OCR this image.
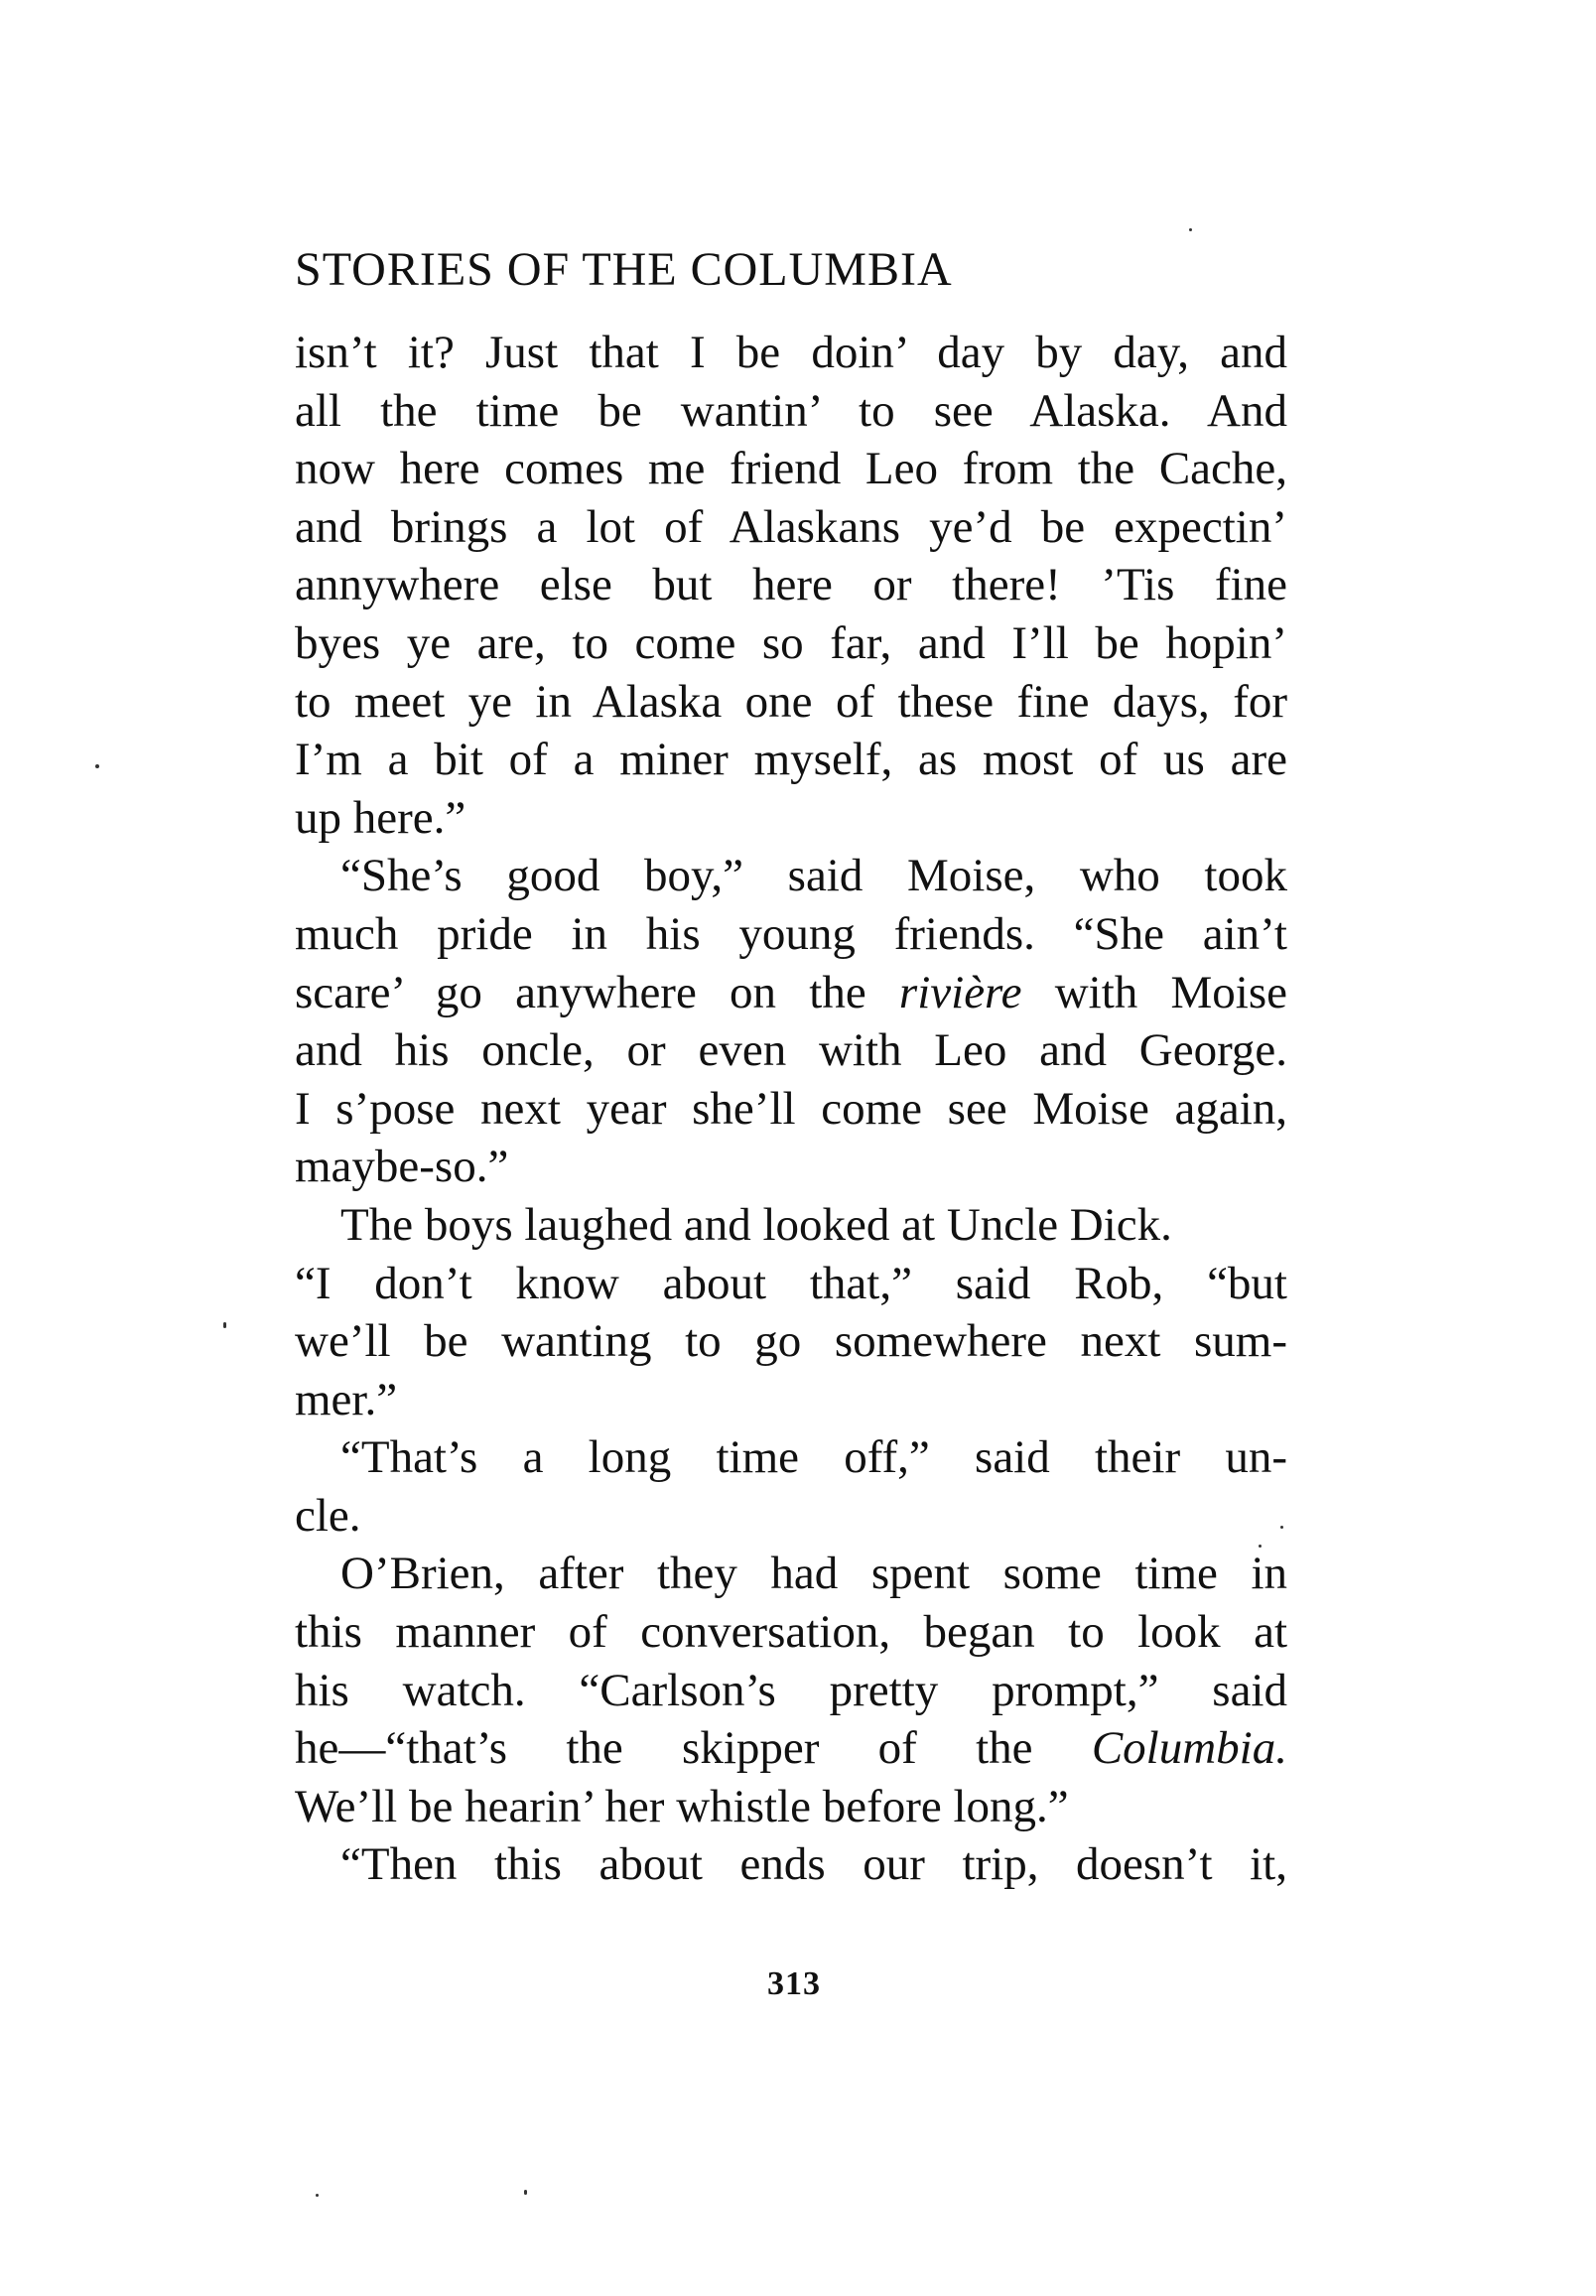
STORIES OF THE COLUMBIA
isn’t it? Just that I be doin’ day by day, and
all the time be wantin’ to see Alaska. And
now here comes me friend Leo from the Cache,
and brings a lot of Alaskans ye’d be expectin’
annywhere else but here or there! ’Tis fine
byes ye are, to come so far, and I’ll be hopin’
to meet ye in Alaska one of these fine days, for
I’m a bit of a miner myself, as most of us are
up here.”
“She’s good boy,” said Moise, who took
much pride in his young friends. “She ain’t
scare’ go anywhere on the rivière with Moise
and his oncle, or even with Leo and George.
I s’pose next year she’ll come see Moise again,
maybe-so.”
The boys laughed and looked at Uncle Dick.
“I don’t know about that,” said Rob, “but
we’ll be wanting to go somewhere next sum-
mer.”
“That’s a long time off,” said their un-
cle.
O’Brien, after they had spent some time in
this manner of conversation, began to look at
his watch. “Carlson’s pretty prompt,” said
he—“that’s the skipper of the Columbia.
We’ll be hearin’ her whistle before long.”
“Then this about ends our trip, doesn’t it,
313
